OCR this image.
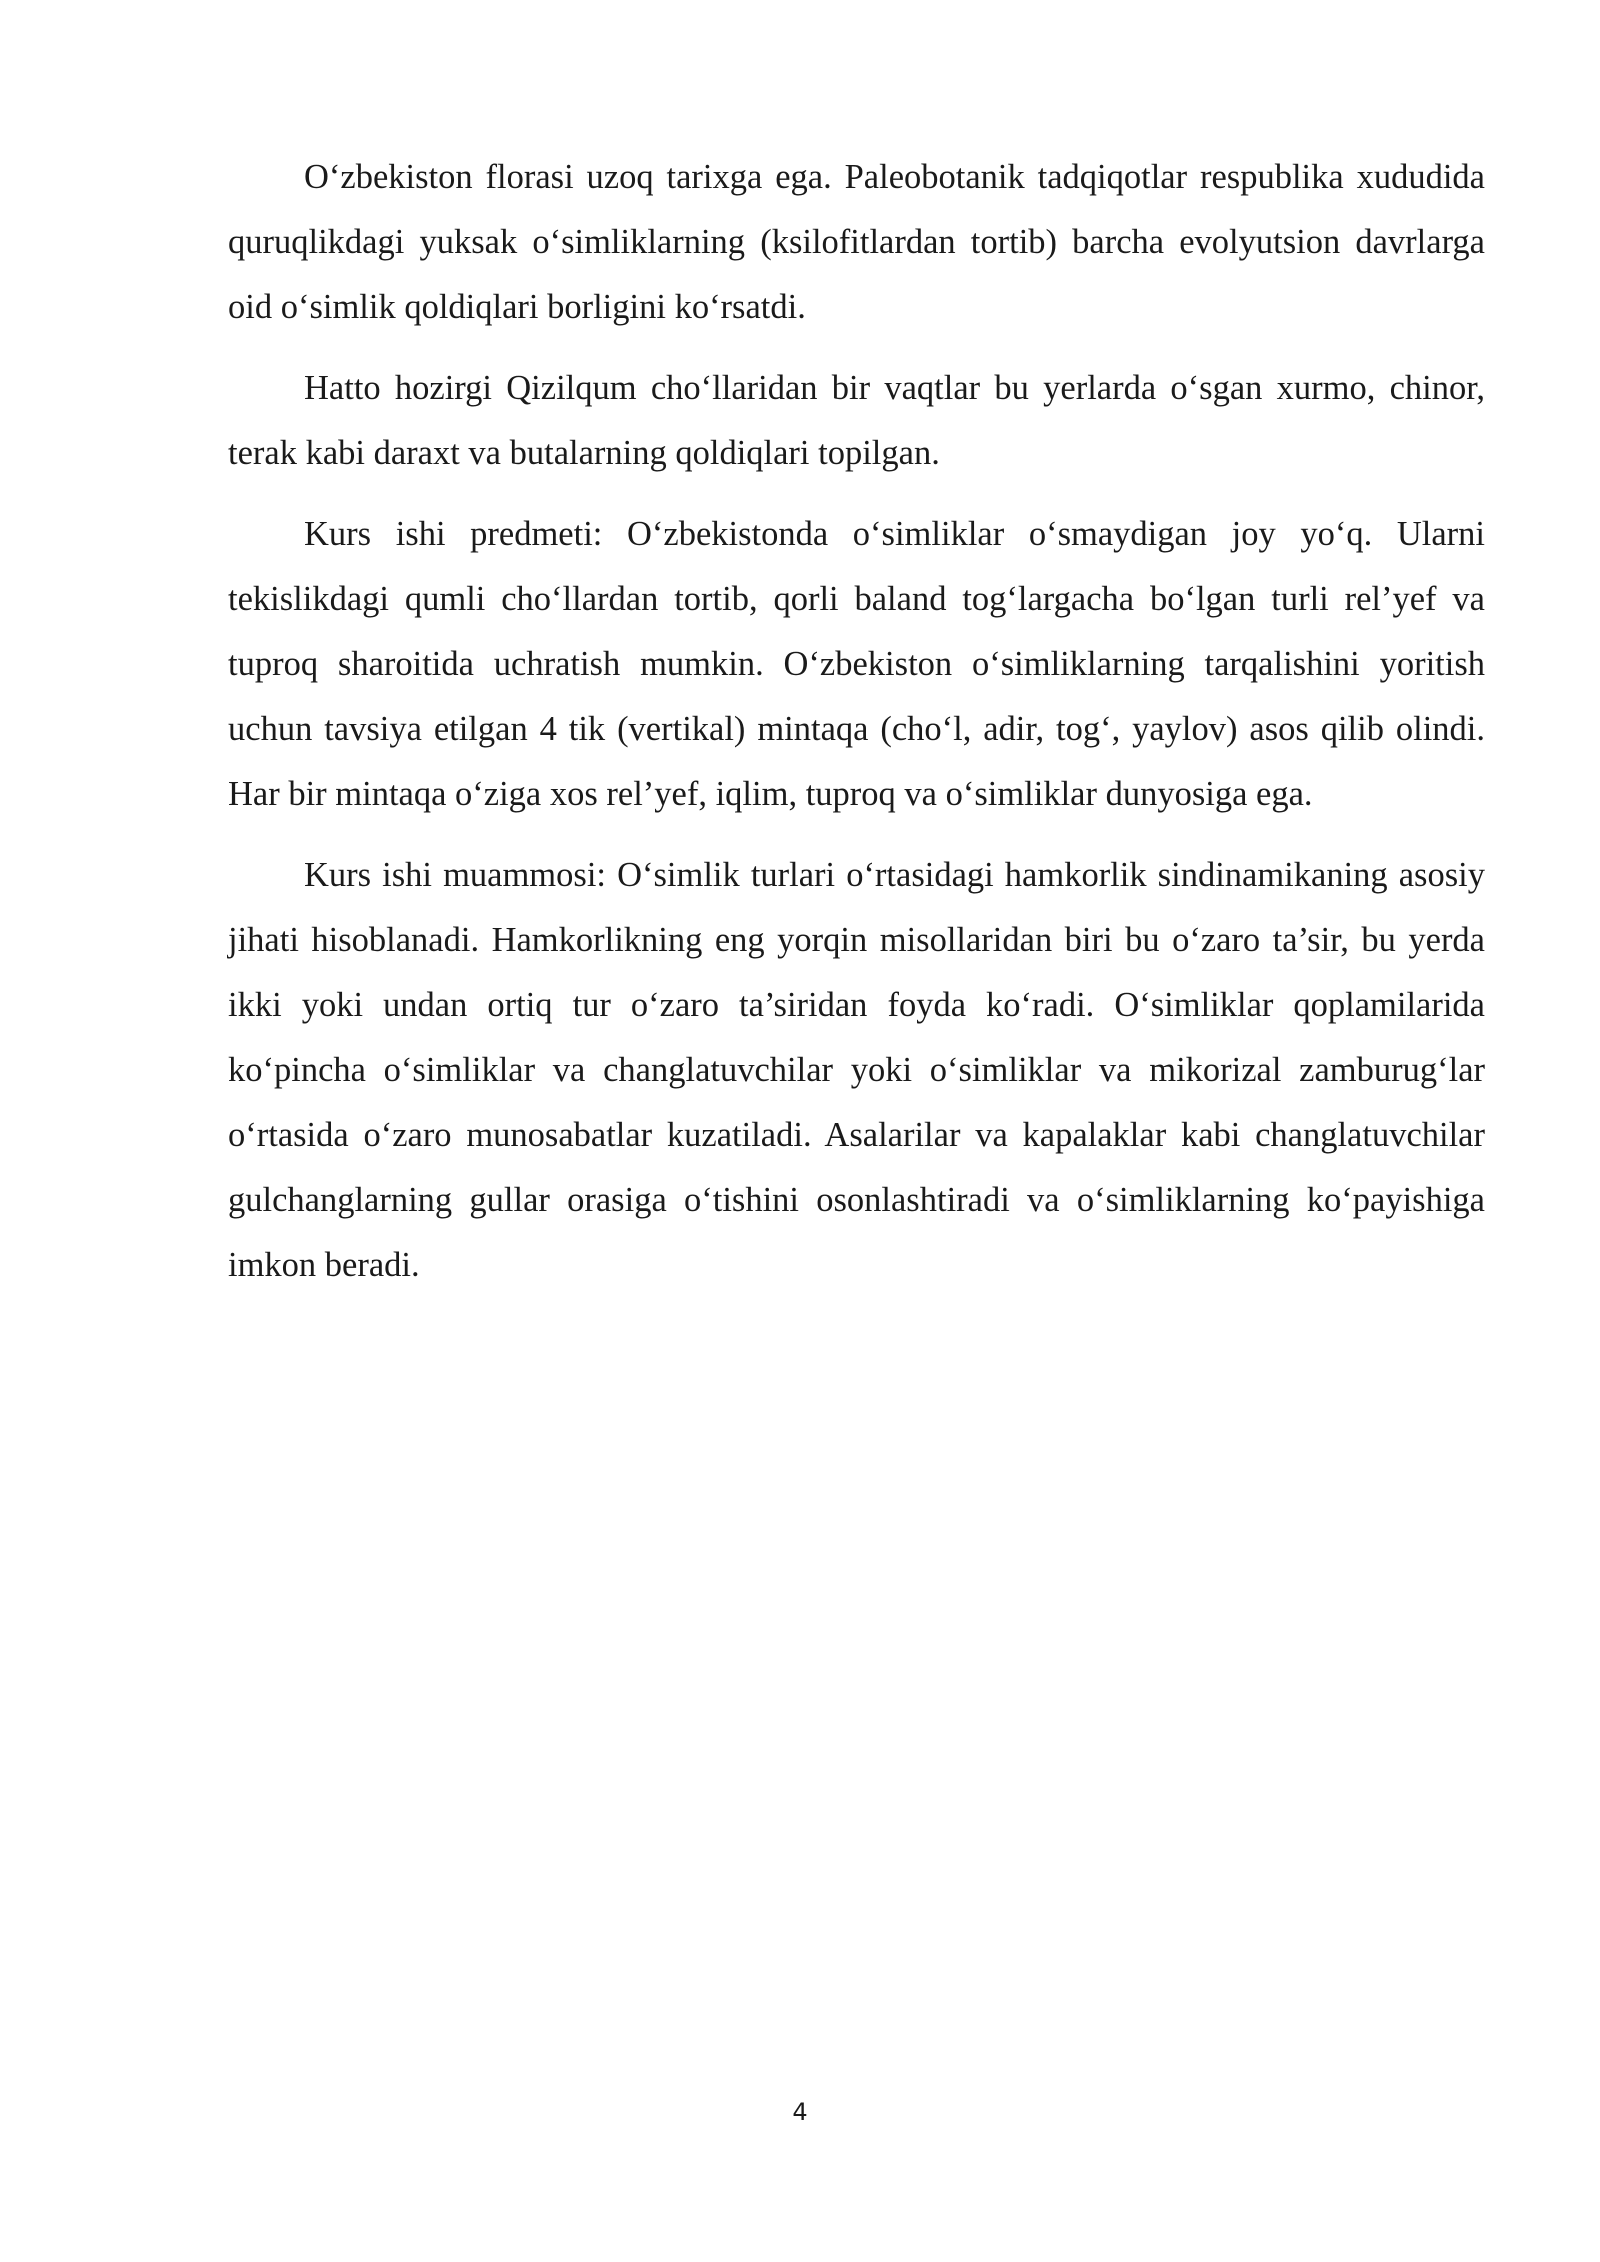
O‘zbekiston florasi uzoq tarixga ega. Paleobotanik tadqiqotlar respublika xududida quruqlikdagi yuksak o‘simliklarning (ksilofitlardan tortib) barcha evolyutsion davrlarga oid o‘simlik qoldiqlari borligini ko‘rsatdi.

Hatto hozirgi Qizilqum cho‘llaridan bir vaqtlar bu yerlarda o‘sgan xurmo, chinor, terak kabi daraxt va butalarning qoldiqlari topilgan.

Kurs ishi predmeti: O‘zbekistonda o‘simliklar o‘smaydigan joy yo‘q. Ularni tekislikdagi qumli cho‘llardan tortib, qorli baland tog‘largacha bo‘lgan turli rel’yef va tuproq sharoitida uchratish mumkin. O‘zbekiston o‘simliklarning tarqalishini yoritish uchun tavsiya etilgan 4 tik (vertikal) mintaqa (cho‘l, adir, tog‘, yaylov) asos qilib olindi. Har bir mintaqa o‘ziga xos rel’yef, iqlim, tuproq va o‘simliklar dunyosiga ega.

Kurs ishi muammosi: O‘simlik turlari o‘rtasidagi hamkorlik sindinamikaning asosiy jihati hisoblanadi. Hamkorlikning eng yorqin misollaridan biri bu o‘zaro ta’sir, bu yerda ikki yoki undan ortiq tur o‘zaro ta’siridan foyda ko‘radi. O‘simliklar qoplamilarida ko‘pincha o‘simliklar va changlatuvchilar yoki o‘simliklar va mikorizal zamburug‘lar o‘rtasida o‘zaro munosabatlar kuzatiladi. Asalarilar va kapalaklar kabi changlatuvchilar gulchanglarning gullar orasiga o‘tishini osonlashtiradi va o‘simliklarning ko‘payishiga imkon beradi.

4
